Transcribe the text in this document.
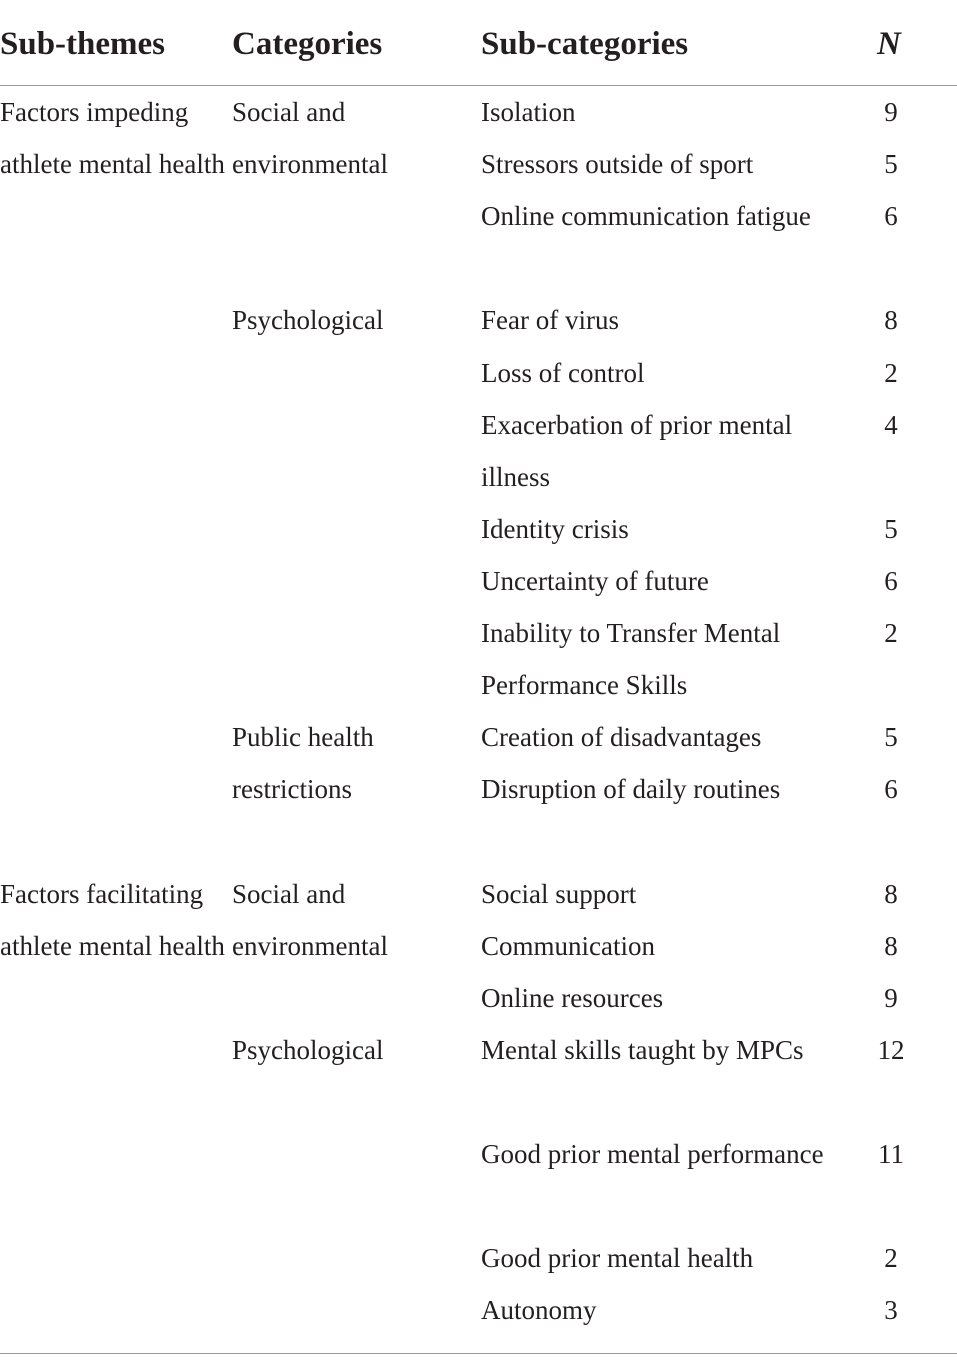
Sub-themes Categories	Sub-categories	N
Factors impeding athlete mental health
Factors facilitating athlete mental health
Social and environmental
Psychological
Public health restrictions
Social and environmental
Psychological
Isolation
Stressors outside of sport
Online communication fatigue
Fear of virus
Loss of control
Exacerbation of prior mental illness
Identity crisis
Uncertainty of future
Inability to Transfer Mental Performance Skills
Creation of disadvantages
Disruption of daily routines
Social support
Communication
Online resources
Mental skills taught by MPCs
Good prior mental performance
Good prior mental health
Autonomy
9
5
6
8
2
4
5
6
2
5
6
8
8
9
12
11
2
3
